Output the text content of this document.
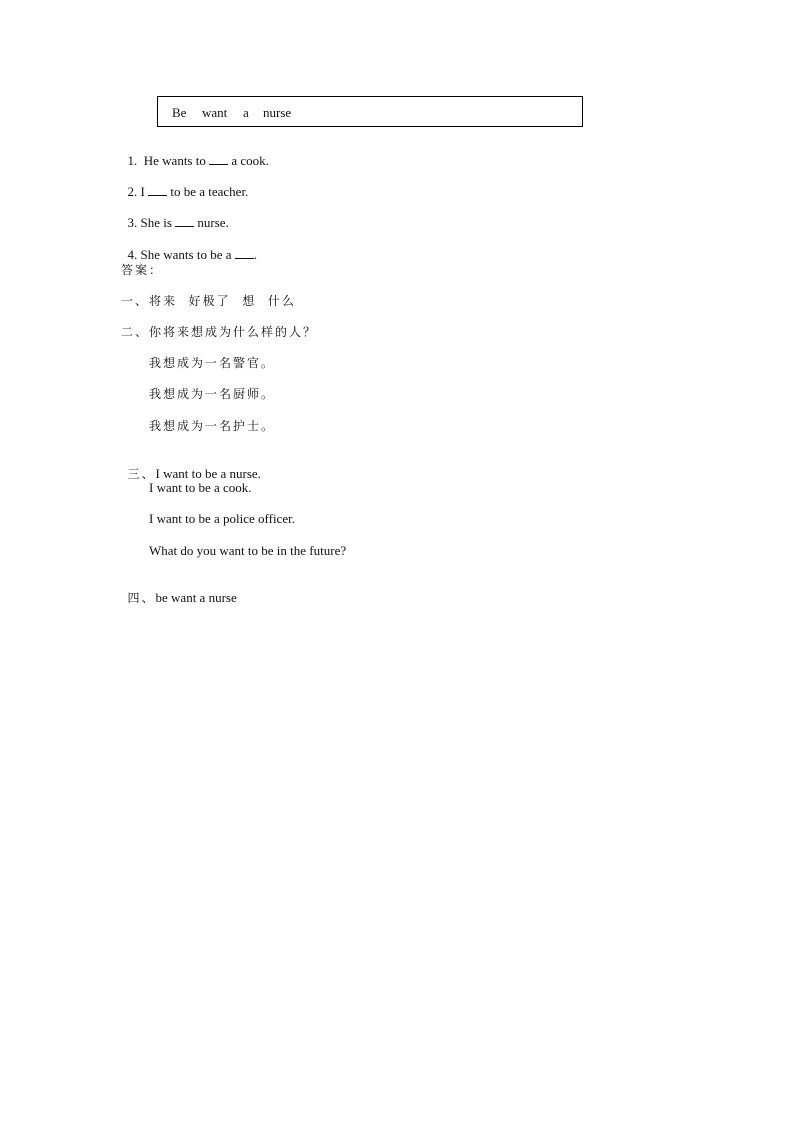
Be want a nurse

1.  He wants to  a cook.

2. I  to be a teacher.

3. She is  nurse.

4. She wants to be a .

答案：
一、将来  好极了  想  什么
二、你将来想成为什么样的人？
我想成为一名警官。
我想成为一名厨师。
我想成为一名护士。

三、I want to be a nurse.

I want to be a cook.
I want to be a police officer.
What do you want to be in the future?

四、be want a nurse
